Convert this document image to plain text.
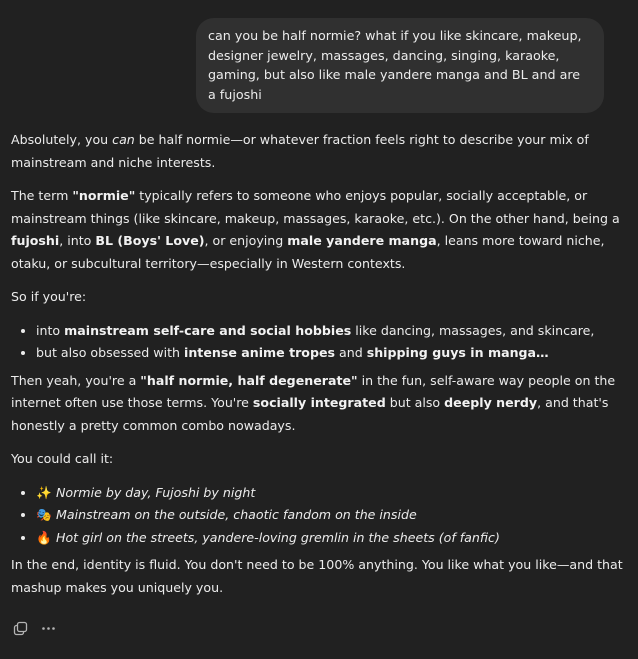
can you be half normie? what if you like skincare, makeup, designer jewelry, massages, dancing, singing, karaoke, gaming, but also like male yandere manga and BL and are a fujoshi

Absolutely, you can be half normie—or whatever fraction feels right to describe your mix of mainstream and niche interests.

The term "normie" typically refers to someone who enjoys popular, socially acceptable, or mainstream things (like skincare, makeup, massages, karaoke, etc.). On the other hand, being a fujoshi, into BL (Boys' Love), or enjoying male yandere manga, leans more toward niche, otaku, or subcultural territory—especially in Western contexts.

So if you're:

• into mainstream self-care and social hobbies like dancing, massages, and skincare,
• but also obsessed with intense anime tropes and shipping guys in manga…

Then yeah, you're a "half normie, half degenerate" in the fun, self-aware way people on the internet often use those terms. You're socially integrated but also deeply nerdy, and that's honestly a pretty common combo nowadays.

You could call it:

• ✨ Normie by day, Fujoshi by night
• 🎭 Mainstream on the outside, chaotic fandom on the inside
• 🔥 Hot girl on the streets, yandere-loving gremlin in the sheets (of fanfic)

In the end, identity is fluid. You don't need to be 100% anything. You like what you like—and that mashup makes you uniquely you.
